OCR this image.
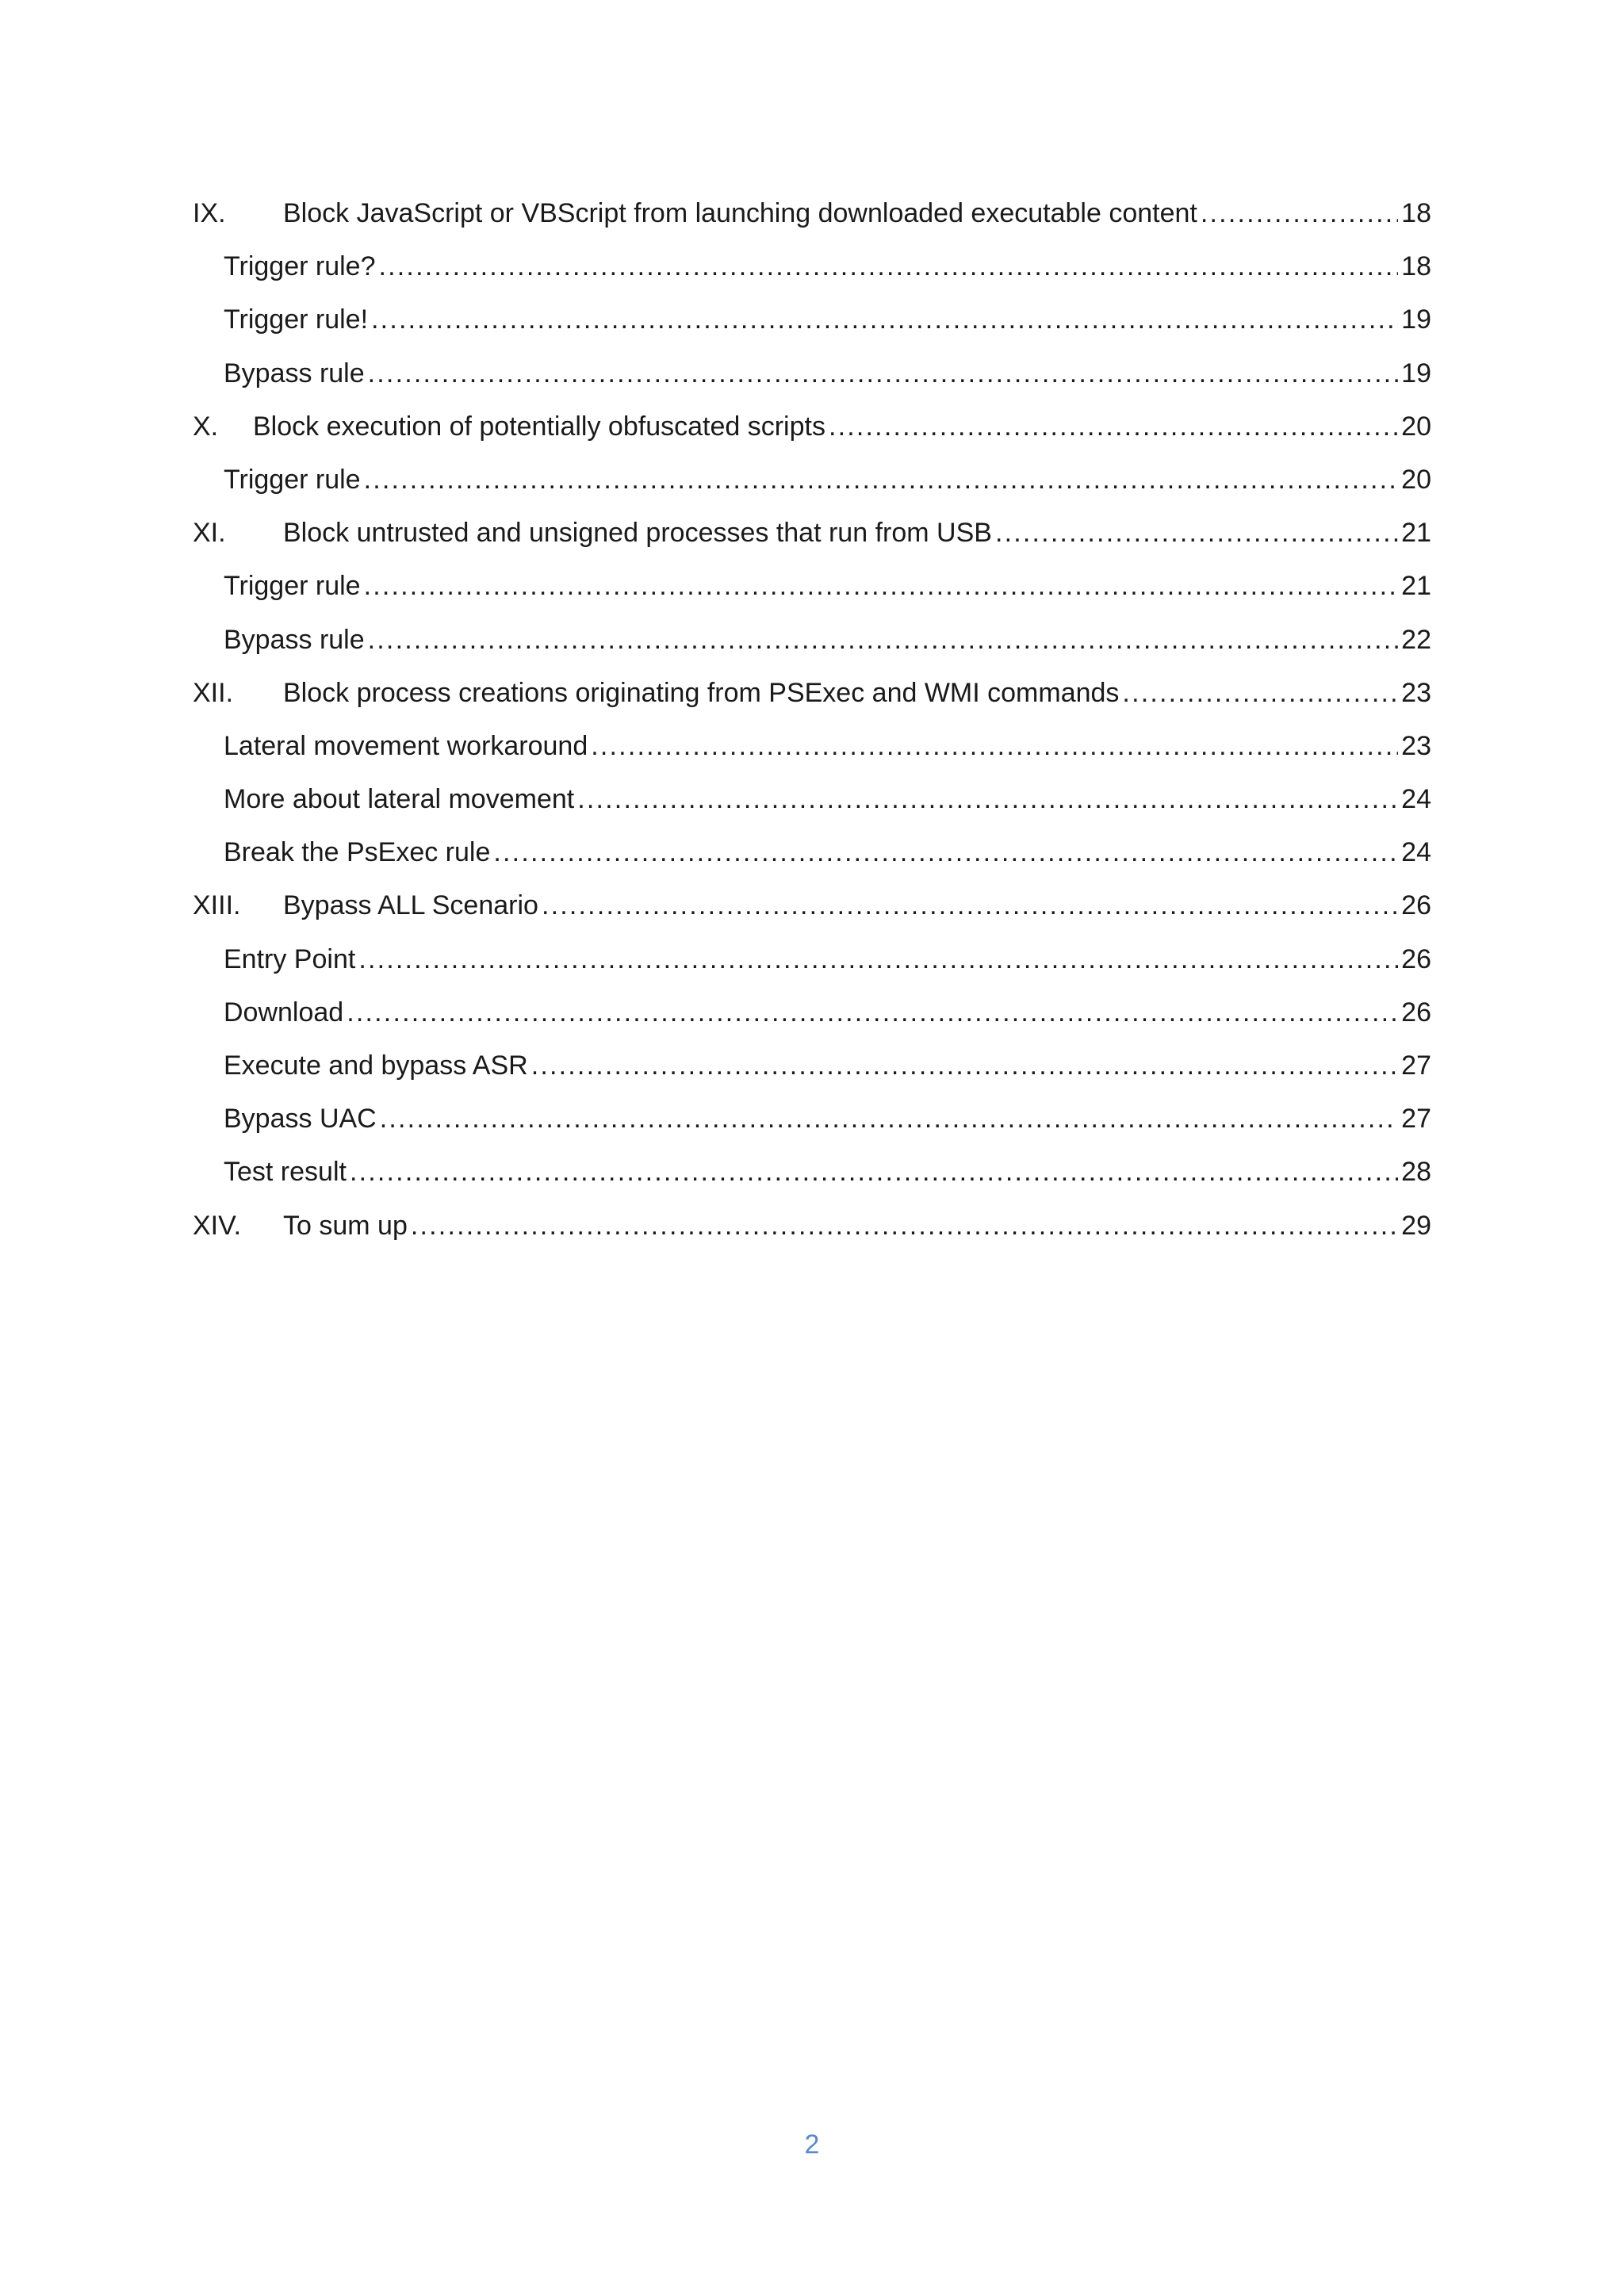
IX.	Block JavaScript or VBScript from launching downloaded executable content .....	18
Trigger rule? .....	18
Trigger rule! .....	19
Bypass rule .....	19
X.	Block execution of potentially obfuscated scripts .....	20
Trigger rule .....	20
XI.	Block untrusted and unsigned processes that run from USB .....	21
Trigger rule .....	21
Bypass rule .....	22
XII.	Block process creations originating from PSExec and WMI commands .....	23
Lateral movement workaround .....	23
More about lateral movement .....	24
Break the PsExec rule .....	24
XIII.	Bypass ALL Scenario .....	26
Entry Point .....	26
Download .....	26
Execute and bypass ASR .....	27
Bypass UAC .....	27
Test result .....	28
XIV.	To sum up .....	29
2
